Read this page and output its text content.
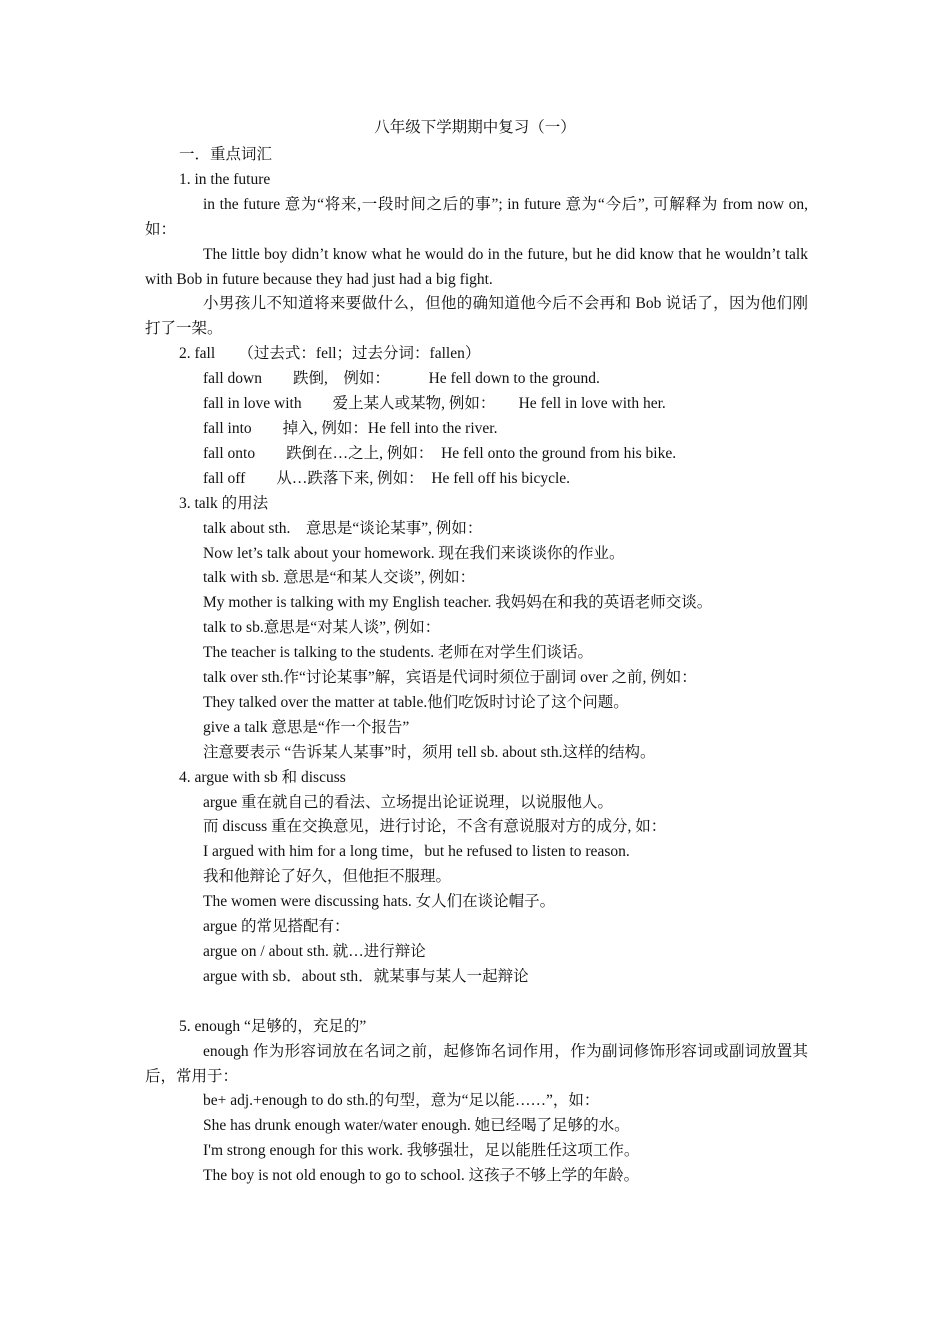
八年级下学期期中复习（一）
一．重点词汇
1. in the future
in the future 意为“将来,一段时间之后的事”; in future 意为“今后”, 可解释为 from now on,如：
The little boy didn’t know what he would do in the future, but he did know that he wouldn’t talk with Bob in future because they had just had a big fight.
小男孩儿不知道将来要做什么，但他的确知道他今后不会再和 Bob 说话了，因为他们刚打了一架。
2. fall　　（过去式：fell；过去分词：fallen）
fall down　　跌倒,　例如：　　　He fell down to the ground.
fall in love with　　爱上某人或某物, 例如：　　He fell in love with her.
fall into　　掉入, 例如：He fell into the river.
fall onto　　跌倒在…之上, 例如：　He fell onto the ground from his bike.
fall off　　从…跌落下来, 例如：　He fell off his bicycle.
3. talk 的用法
talk about sth.　意思是“谈论某事”, 例如：
Now let’s talk about your homework. 现在我们来谈谈你的作业。
talk with sb. 意思是“和某人交谈”, 例如：
My mother is talking with my English teacher. 我妈妈在和我的英语老师交谈。
talk to sb.意思是“对某人谈”, 例如：
The teacher is talking to the students. 老师在对学生们谈话。
talk over sth.作“讨论某事”解，宾语是代词时须位于副词 over 之前, 例如：
They talked over the matter at table.他们吃饭时讨论了这个问题。
give a talk 意思是“作一个报告”
注意要表示 “告诉某人某事”时，须用 tell sb. about sth.这样的结构。
4. argue with sb 和 discuss
argue 重在就自己的看法、立场提出论证说理，以说服他人。
而 discuss 重在交换意见，进行讨论，不含有意说服对方的成分, 如：
I argued with him for a long time，but he refused to listen to reason.
我和他辩论了好久，但他拒不服理。
The women were discussing hats. 女人们在谈论帽子。
argue 的常见搭配有：
argue on / about sth. 就…进行辩论
argue with sb．about sth．就某事与某人一起辩论
5. enough “足够的，充足的”
enough 作为形容词放在名词之前，起修饰名词作用，作为副词修饰形容词或副词放置其后，常用于：
be+ adj.+enough to do sth.的句型，意为“足以能……”，如：
She has drunk enough water/water enough. 她已经喝了足够的水。
I'm strong enough for this work. 我够强壮，足以能胜任这项工作。
The boy is not old enough to go to school. 这孩子不够上学的年龄。
